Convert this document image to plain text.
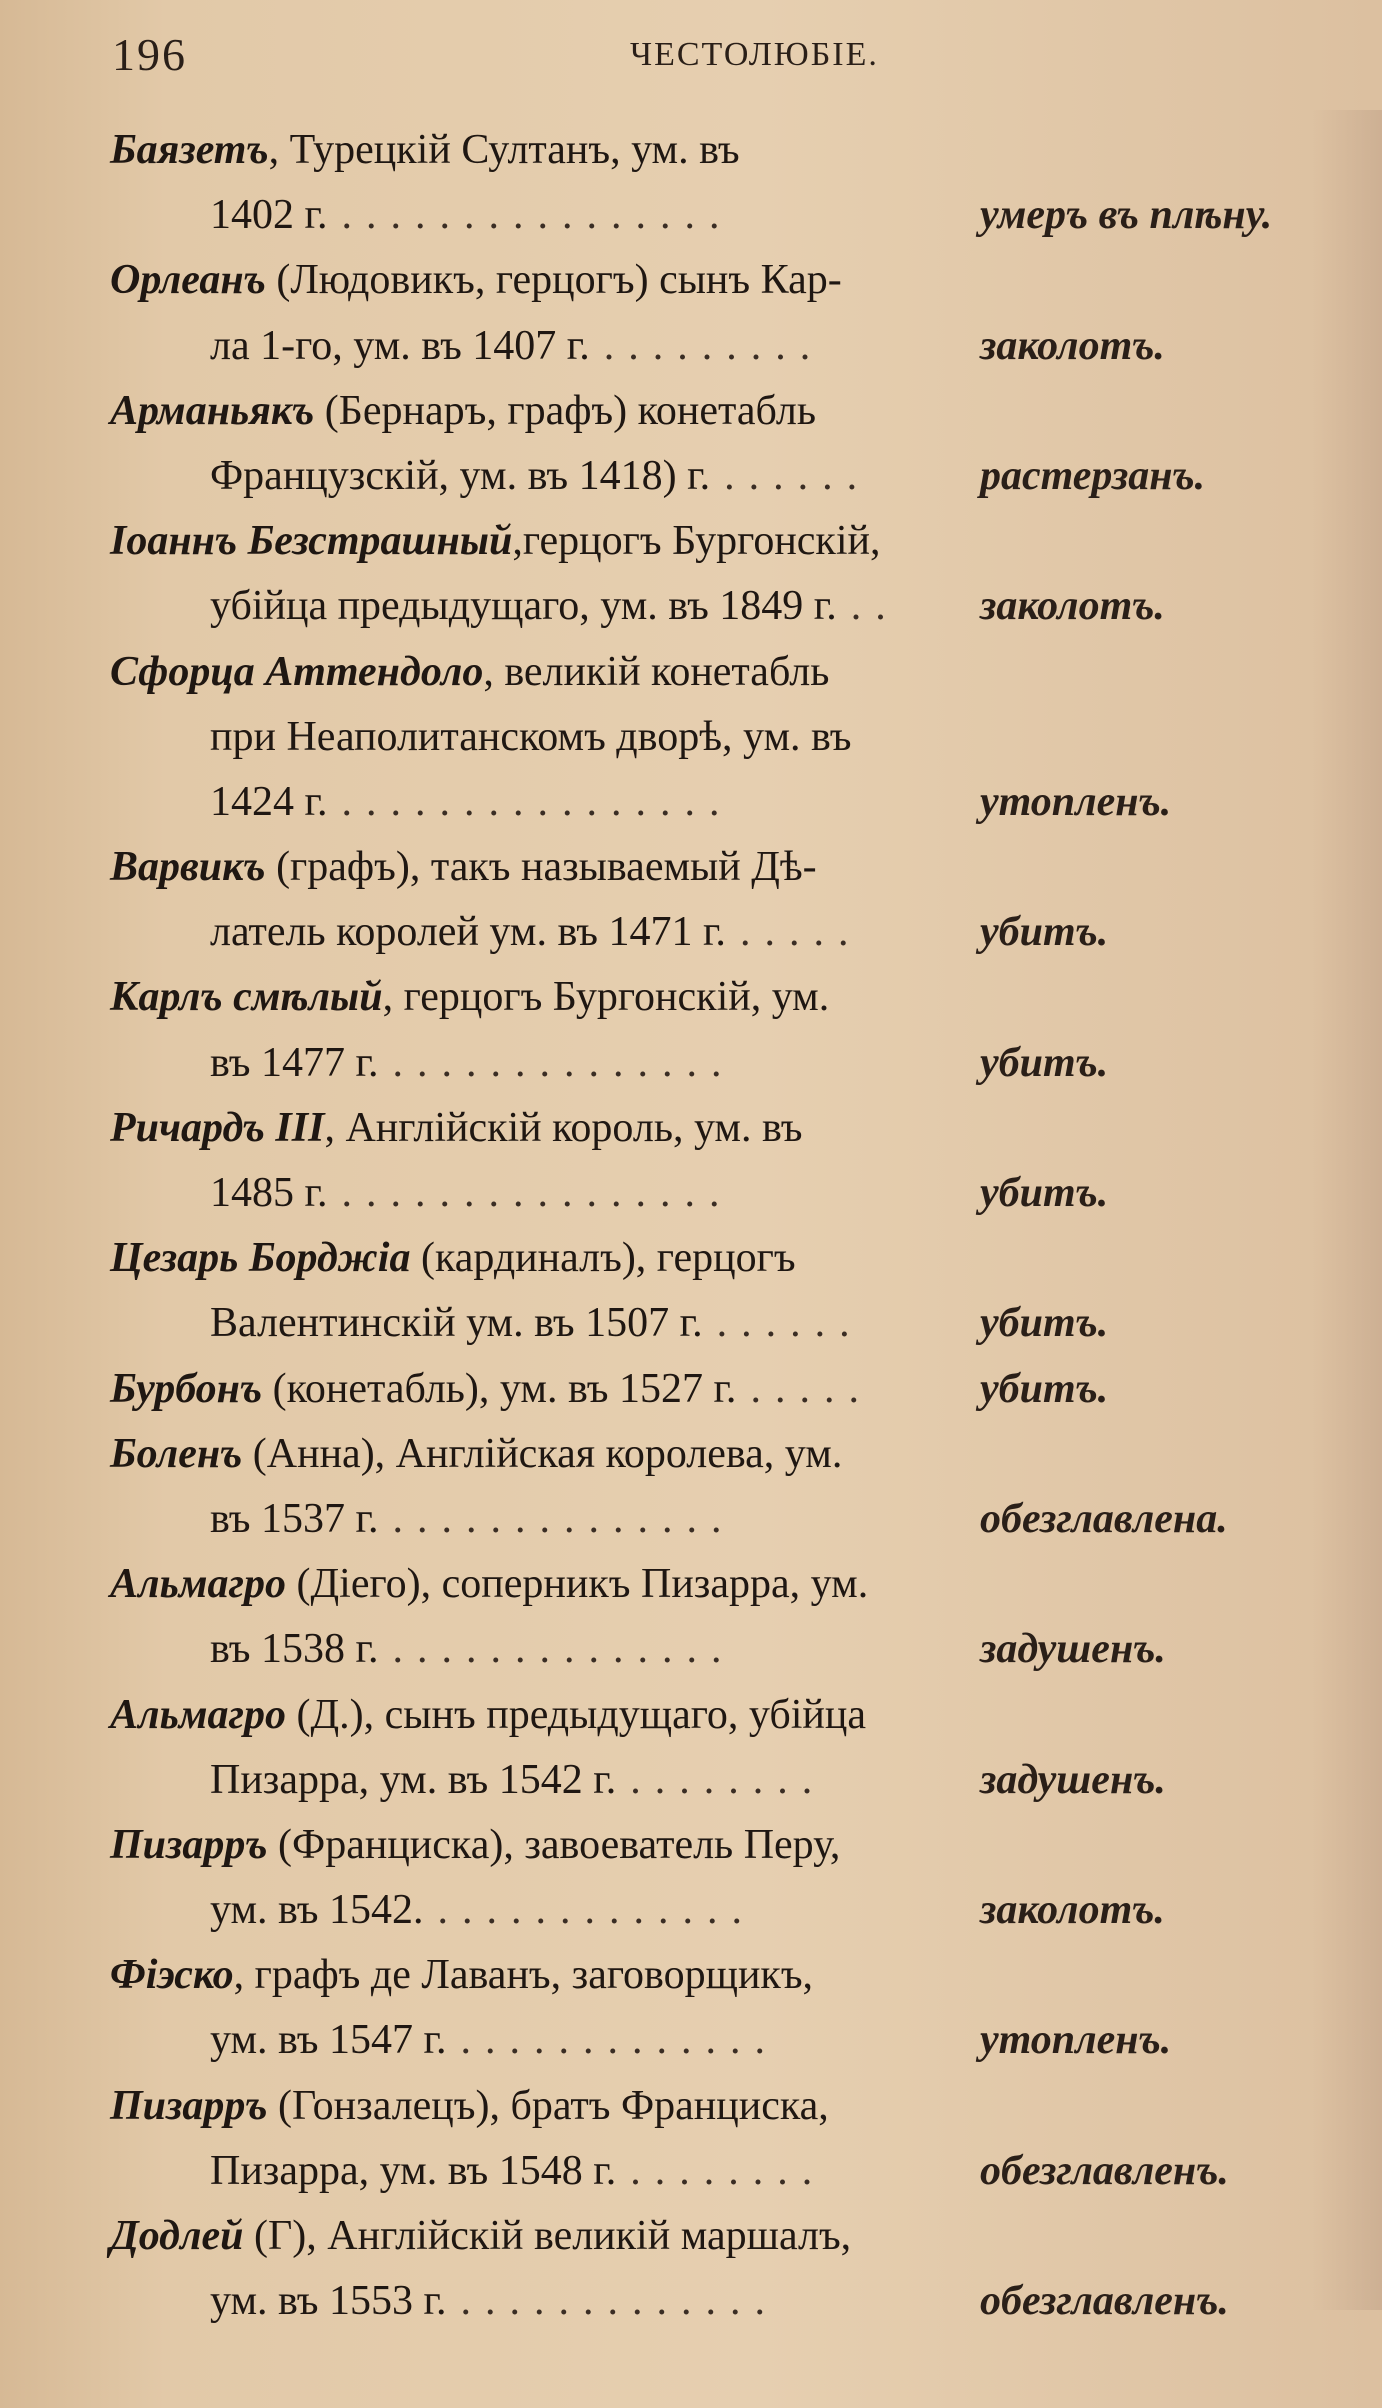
196	ЧЕСТОЛЮБІЕ.
Баязетъ, Турецкій Султанъ, ум. въ
1402 г. ................	умеръ въ плѣну.
Орлеанъ (Людовикъ, герцогъ) сынъ Кар-
ла 1-го, ум. въ 1407 г. .........	заколотъ.
Арманьякъ (Бернаръ, графъ) конетабль
Французскій, ум. въ 1418) г. ......	растерзанъ.
Іоаннъ Безстрашный,герцогъ Бургонскій,
убійца предыдущаго, ум. въ 1849 г. .. заколотъ.
Сфорца Аттендоло, великій конетабль
при Неаполитанскомъ дворѣ, ум. въ
1424 г. ................	утопленъ.
Варвикъ (графъ), такъ называемый Дѣ-
латель королей ум. въ 1471 г. .....	убитъ.
Карлъ смѣлый, герцогъ Бургонскій, ум.
въ 1477 г. ..............	убитъ.
Ричардъ III, Англійскій король, ум. въ
1485 г. ................	убитъ.
Цезарь Борджіа (кардиналъ), герцогъ
Валентинскій ум. въ 1507 г. ......	убитъ.
Бурбонъ (конетабль), ум. въ 1527 г. .....	убитъ.
Боленъ (Анна), Англійская королева, ум.
въ 1537 г. ..............	обезглавлена.
Альмагро (Діего), соперникъ Пизарра, ум.
въ 1538 г. ..............	задушенъ.
Альмагро (Д.), сынъ предыдущаго, убійца
Пизарра, ум. въ 1542 г. ........	задушенъ.
Пизарръ (Франциска), завоеватель Перу,
ум. въ 1542. .............	заколотъ.
Фіэско, графъ де Лаванъ, заговорщикъ,
ум. въ 1547 г. .............	утопленъ.
Пизарръ (Гонзалецъ), братъ Франциска,
Пизарра, ум. въ 1548 г. ........	обезглавленъ.
Додлей (Г), Англійскій великій маршалъ,
ум. въ 1553 г. .............	обезглавленъ.
